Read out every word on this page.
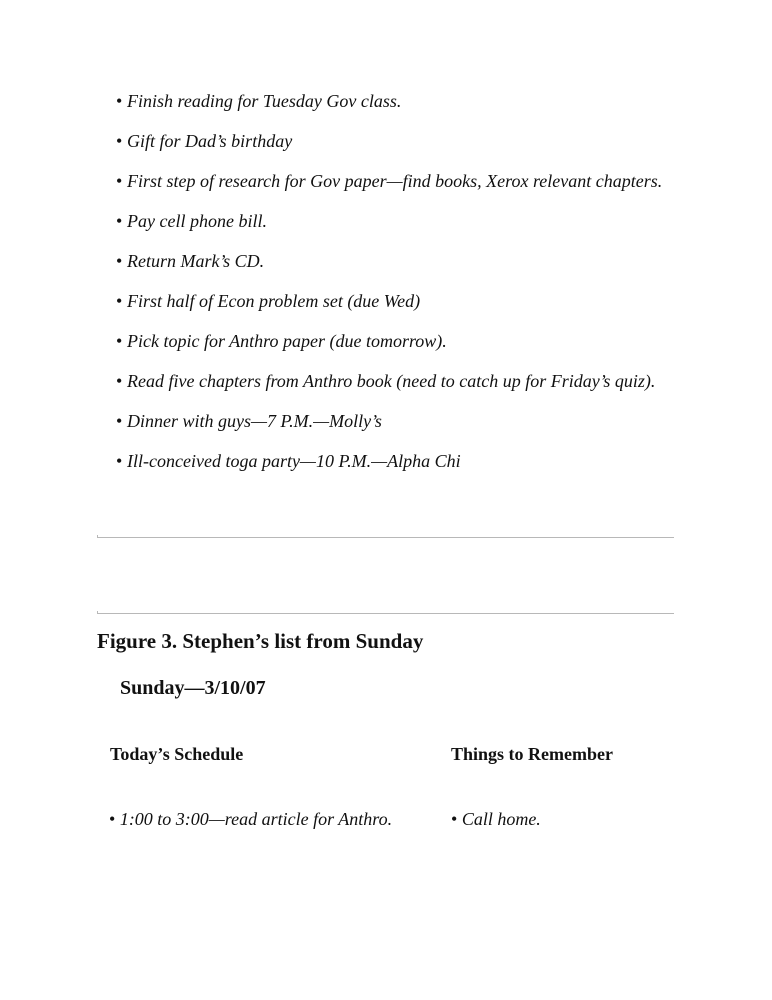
• Finish reading for Tuesday Gov class.
• Gift for Dad’s birthday
• First step of research for Gov paper—find books, Xerox relevant chapters.
• Pay cell phone bill.
• Return Mark’s CD.
• First half of Econ problem set (due Wed)
• Pick topic for Anthro paper (due tomorrow).
• Read five chapters from Anthro book (need to catch up for Friday’s quiz).
• Dinner with guys—7 P.M.—Molly’s
• Ill-conceived toga party—10 P.M.—Alpha Chi
Figure 3. Stephen’s list from Sunday
Sunday—3/10/07
Today’s Schedule	Things to Remember
• 1:00 to 3:00—read article for Anthro.	• Call home.
